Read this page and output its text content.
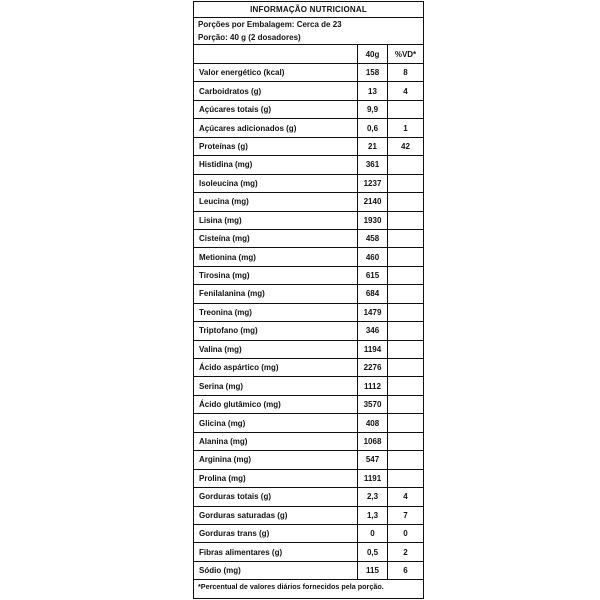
INFORMAÇÃO NUTRICIONAL
Porções por Embalagem: Cerca de 23
Porção: 40 g (2 dosadores)
40g	%VD*
Valor energético (kcal)	158	8
Carboidratos (g)	13	4
Açúcares totais (g)	9,9
Açúcares adicionados (g)	0,6	1
Proteínas (g)	21	42
Histidina (mg)	361
Isoleucina (mg)	1237
Leucina (mg)	2140
Lisina (mg)	1930
Cisteína (mg)	458
Metionina (mg)	460
Tirosina (mg)	615
Fenilalanina (mg)	684
Treonina (mg)	1479
Triptofano (mg)	346
Valina (mg)	1194
Ácido aspártico (mg)	2276
Serina (mg)	1112
Ácido glutâmico (mg)	3570
Glicina (mg)	408
Alanina (mg)	1068
Arginina (mg)	547
Prolina (mg)	1191
Gorduras totais (g)	2,3	4
Gorduras saturadas (g)	1,3	7
Gorduras trans (g)	0	0
Fibras alimentares (g)	0,5	2
Sódio (mg)	115	6
*Percentual de valores diários fornecidos pela porção.
